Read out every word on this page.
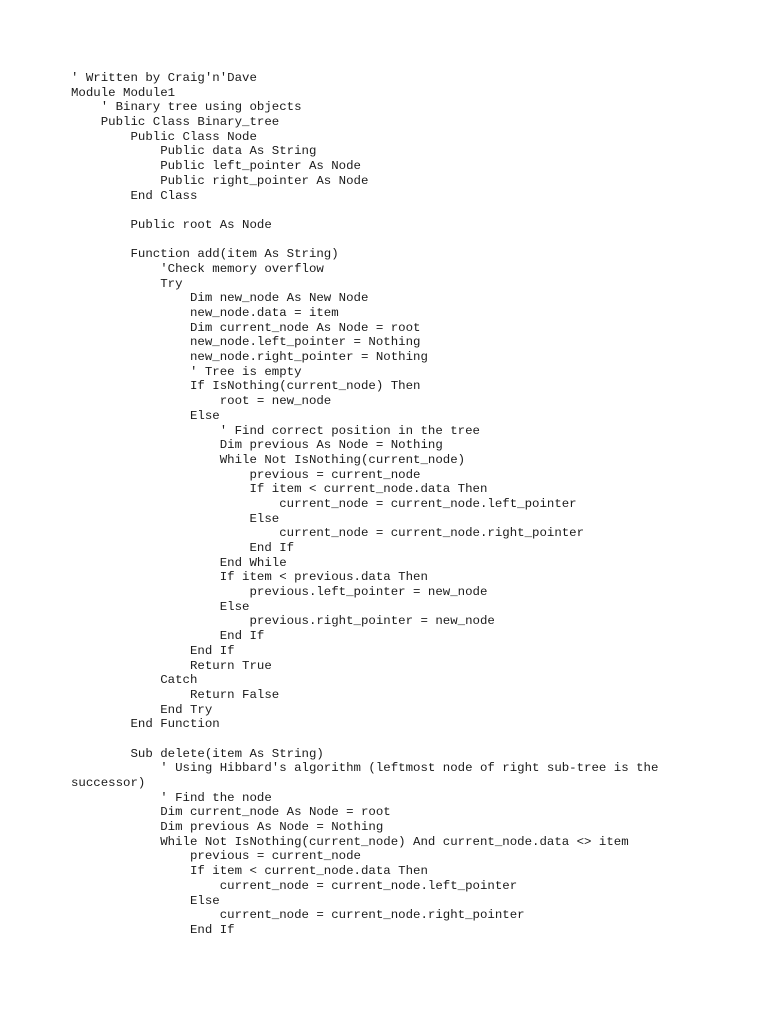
' Written by Craig'n'Dave
Module Module1
' Binary tree using objects
Public Class Binary_tree
Public Class Node
Public data As String
Public left_pointer As Node
Public right_pointer As Node
End Class
Public root As Node
Function add(item As String)
'Check memory overflow
Try
Dim new_node As New Node
new_node.data = item
Dim current_node As Node = root
new_node.left_pointer = Nothing
new_node.right_pointer = Nothing
' Tree is empty
If IsNothing(current_node) Then
root = new_node
Else
' Find correct position in the tree
Dim previous As Node = Nothing
While Not IsNothing(current_node)
previous = current_node
If item < current_node.data Then
current_node = current_node.left_pointer
Else
current_node = current_node.right_pointer
End If
End While
If item < previous.data Then
previous.left_pointer = new_node
Else
previous.right_pointer = new_node
End If
End If
Return True
Catch
Return False
End Try
End Function
Sub delete(item As String)
' Using Hibbard's algorithm (leftmost node of right sub-tree is the
successor)
' Find the node
Dim current_node As Node = root
Dim previous As Node = Nothing
While Not IsNothing(current_node) And current_node.data <> item
previous = current_node
If item < current_node.data Then
current_node = current_node.left_pointer
Else
current_node = current_node.right_pointer
End If
